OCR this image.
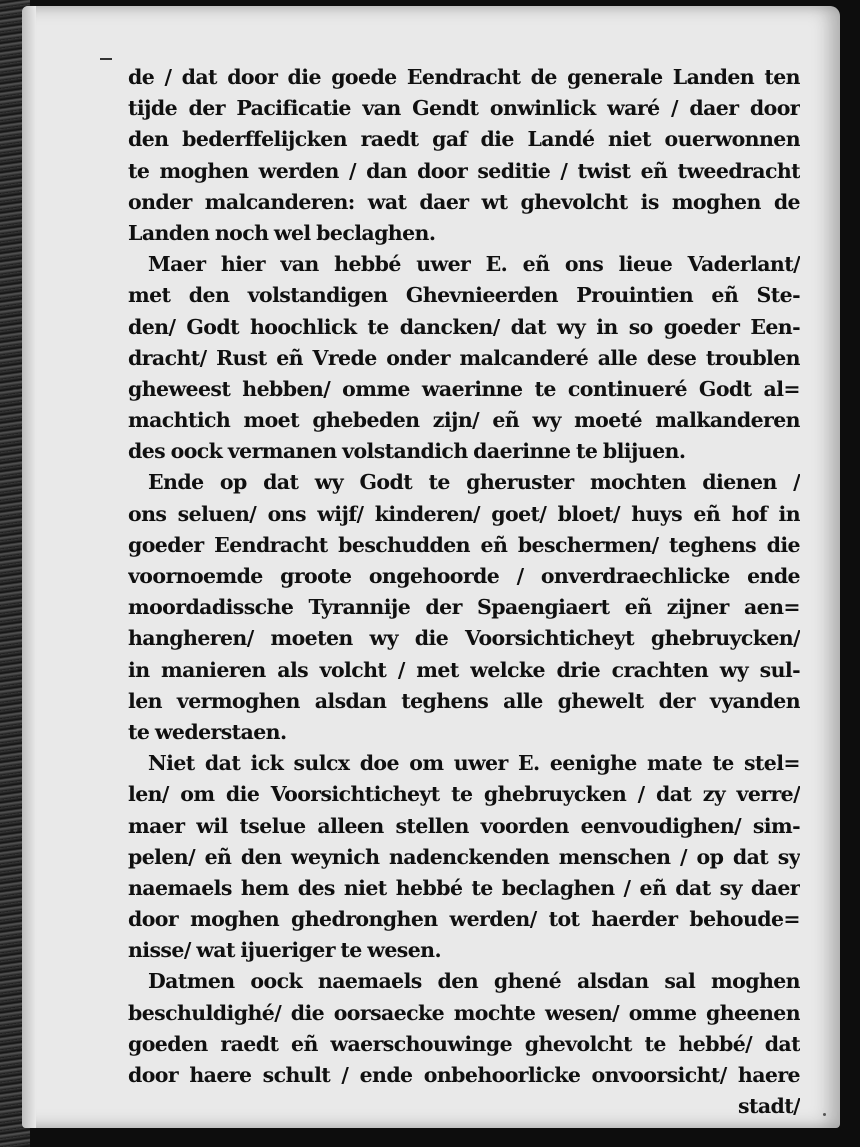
de / dat door die goede Eendracht de generale Landen ten
tijde der Pacificatie van Gendt onwinlick waré / daer door
den bederffelijcken raedt gaf die Landé niet ouerwonnen
te moghen werden / dan door seditie / twist eñ tweedracht
onder malcanderen: wat daer wt ghevolcht is moghen de
Landen noch wel beclaghen.
Maer hier van hebbé uwer E. eñ ons lieue Vaderlant/
met den volstandigen Ghevnieerden Prouintien eñ Ste-
den/ Godt hoochlick te dancken/ dat wy in so goeder Een-
dracht/ Rust eñ Vrede onder malcanderé alle dese troublen
gheweest hebben/ omme waerinne te continueré Godt al=
machtich moet ghebeden zijn/ eñ wy moeté malkanderen
des oock vermanen volstandich daerinne te blijuen.
Ende op dat wy Godt te gheruster mochten dienen /
ons seluen/ ons wijf/ kinderen/ goet/ bloet/ huys eñ hof in
goeder Eendracht beschudden eñ beschermen/ teghens die
voornoemde groote ongehoorde / onverdraechlicke ende
moordadissche Tyrannije der Spaengiaert eñ zijner aen=
hangheren/ moeten wy die Voorsichticheyt ghebruycken/
in manieren als volcht / met welcke drie crachten wy sul-
len vermoghen alsdan teghens alle ghewelt der vyanden
te wederstaen.
Niet dat ick sulcx doe om uwer E. eenighe mate te stel=
len/ om die Voorsichticheyt te ghebruycken / dat zy verre/
maer wil tselue alleen stellen voorden eenvoudighen/ sim-
pelen/ eñ den weynich nadenckenden menschen / op dat sy
naemaels hem des niet hebbé te beclaghen / eñ dat sy daer
door moghen ghedronghen werden/ tot haerder behoude=
nisse/ wat ijueriger te wesen.
Datmen oock naemaels den ghené alsdan sal moghen
beschuldighé/ die oorsaecke mochte wesen/ omme gheenen
goeden raedt eñ waerschouwinge ghevolcht te hebbé/ dat
door haere schult / ende onbehoorlicke onvoorsicht/ haere
stadt/
